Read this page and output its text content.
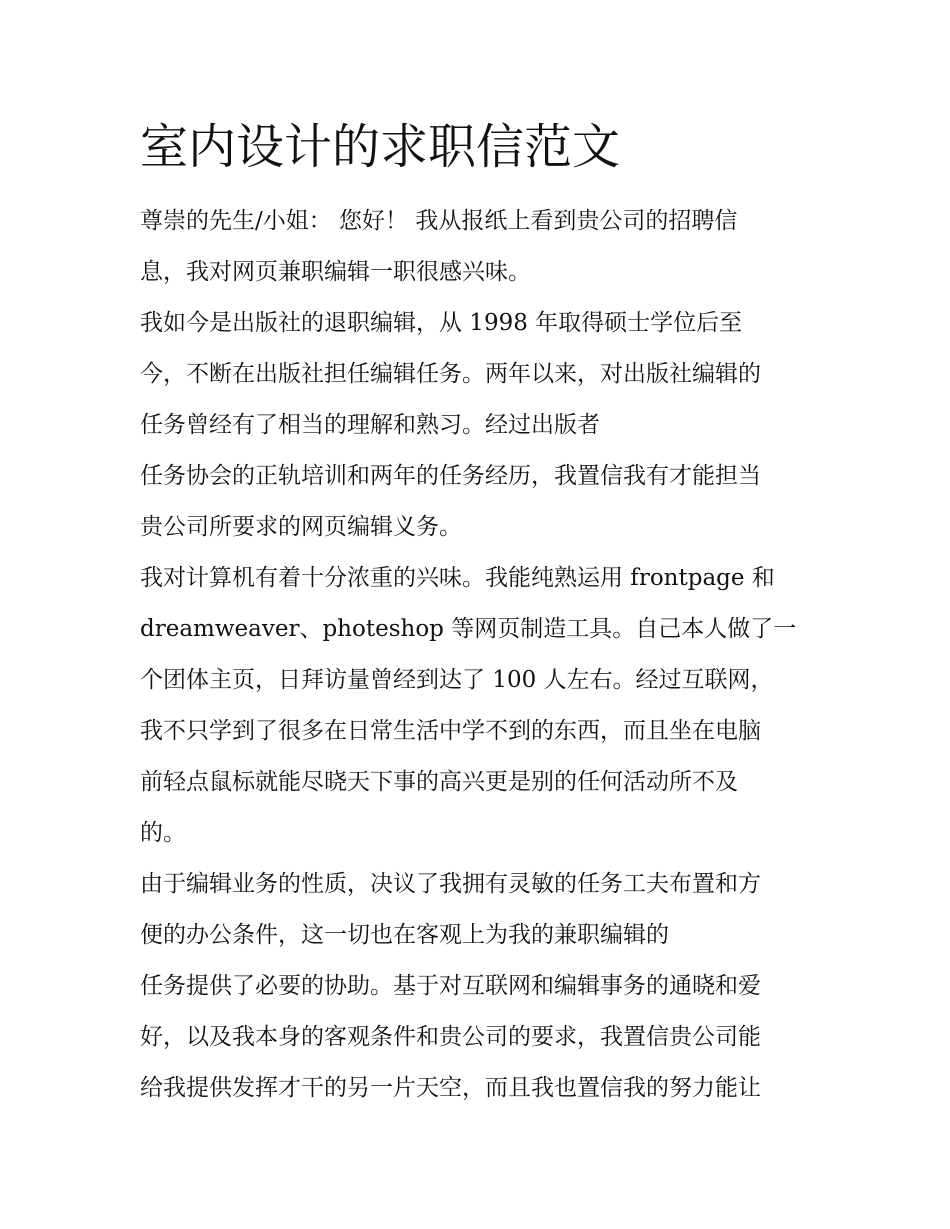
室内设计的求职信范文
尊崇的先生/小姐： 您好！ 我从报纸上看到贵公司的招聘信
息，我对网页兼职编辑一职很感兴味。
我如今是出版社的退职编辑，从 1998 年取得硕士学位后至
今，不断在出版社担任编辑任务。两年以来，对出版社编辑的
任务曾经有了相当的理解和熟习。经过出版者
任务协会的正轨培训和两年的任务经历，我置信我有才能担当
贵公司所要求的网页编辑义务。
我对计算机有着十分浓重的兴味。我能纯熟运用 frontpage 和
dreamweaver、photeshop 等网页制造工具。自己本人做了一
个团体主页，日拜访量曾经到达了 100 人左右。经过互联网，
我不只学到了很多在日常生活中学不到的东西，而且坐在电脑
前轻点鼠标就能尽晓天下事的高兴更是别的任何活动所不及
的。
由于编辑业务的性质，决议了我拥有灵敏的任务工夫布置和方
便的办公条件，这一切也在客观上为我的兼职编辑的
任务提供了必要的协助。基于对互联网和编辑事务的通晓和爱
好，以及我本身的客观条件和贵公司的要求，我置信贵公司能
给我提供发挥才干的另一片天空，而且我也置信我的努力能让
